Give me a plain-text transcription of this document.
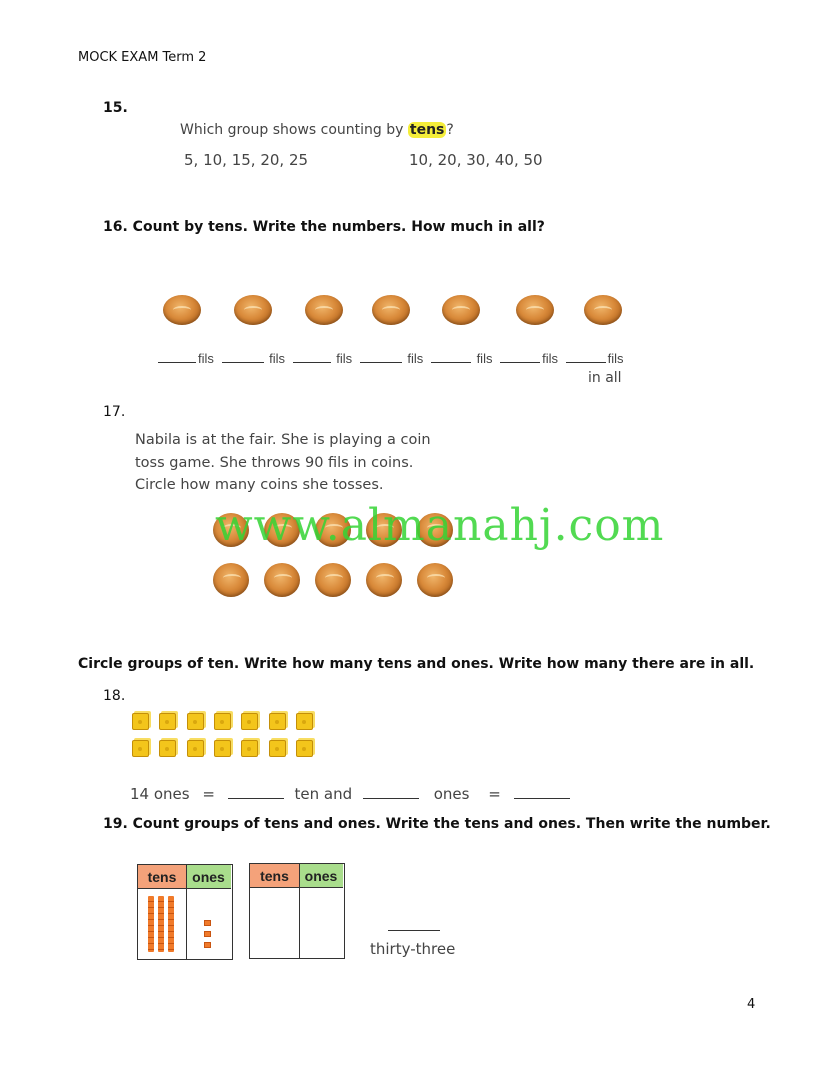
MOCK EXAM Term 2
15.
Which group shows counting by tens ?
5, 10, 15, 20, 25	10, 20, 30, 40, 50
16. Count by tens. Write the numbers. How much in all?
fils	fils	fils	fils	fils	fils	fils
in all
17.
Nabila is at the fair. She is playing a coin
toss game. She throws 90 fils in coins.
Circle how many coins she tosses.
www.almanahj.com
Circle groups of ten. Write how many tens and ones. Write how many there are in all.
18.
14 ones =	ten and	ones =
19. Count groups of tens and ones. Write the tens and ones. Then write the number.
tens	ones	tens	ones
thirty-three
4
